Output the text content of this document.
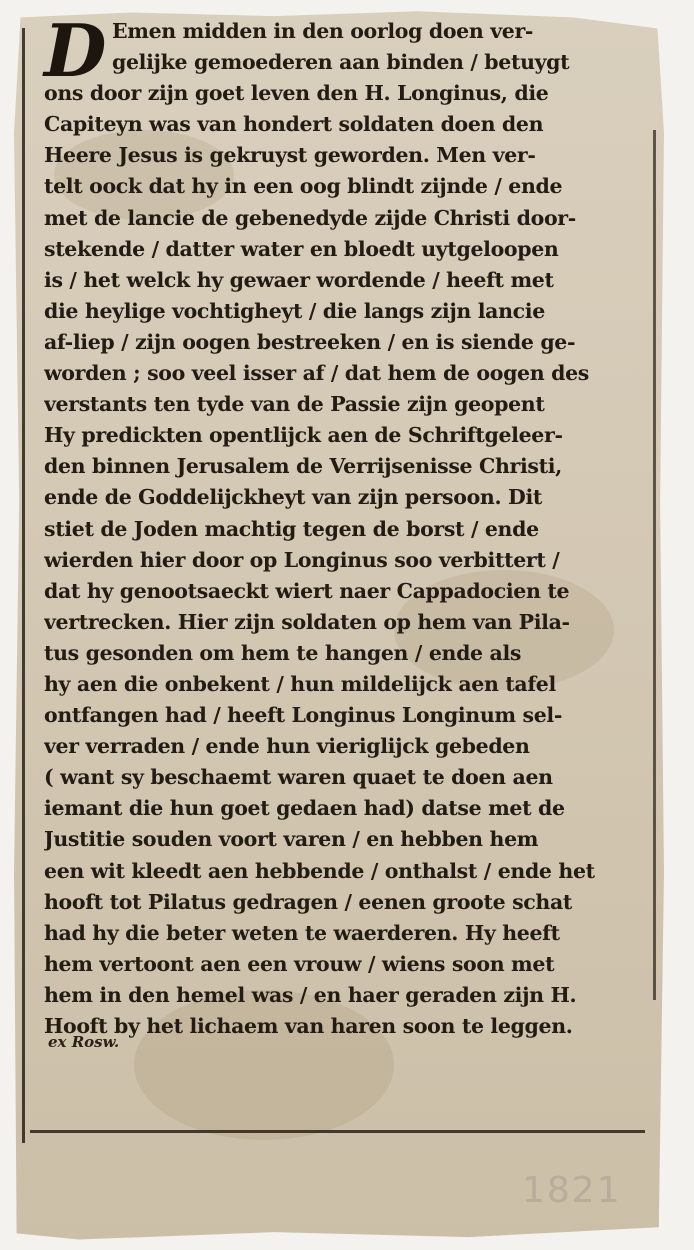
D Emen midden in den oorlog doen ver-
gelijke gemoederen aan binden / betuygt
ons door zijn goet leven den H. Longinus, die
Capiteyn was van hondert soldaten doen den
Heere Jesus is gekruyst geworden. Men ver-
telt oock dat hy in een oog blindt zijnde / ende
met de lancie de gebenedyde zijde Christi door-
stekende / datter water en bloedt uytgeloopen
is / het welck hy gewaer wordende / heeft met
die heylige vochtigheyt / die langs zijn lancie
af-liep / zijn oogen bestreeken / en is siende ge-
worden ; soo veel isser af / dat hem de oogen des
verstants ten tyde van de Passie zijn geopent
Hy predickten opentlijck aen de Schriftgeleer-
den binnen Jerusalem de Verrijsenisse Christi,
ende de Goddelijckheyt van zijn persoon. Dit
stiet de Joden machtig tegen de borst / ende
wierden hier door op Longinus soo verbittert /
dat hy genootsaeckt wiert naer Cappadocien te
vertrecken. Hier zijn soldaten op hem van Pila-
tus gesonden om hem te hangen / ende als
hy aen die onbekent / hun mildelijck aen tafel
ontfangen had / heeft Longinus Longinum sel-
ver verraden / ende hun vieriglijck gebeden
( want sy beschaemt waren quaet te doen aen
iemant die hun goet gedaen had) datse met de
Justitie souden voort varen / en hebben hem
een wit kleedt aen hebbende / onthalst / ende het
hooft tot Pilatus gedragen / eenen groote schat
had hy die beter weten te waerderen. Hy heeft
hem vertoont aen een vrouw / wiens soon met
hem in den hemel was / en haer geraden zijn H.
Hooft by het lichaem van haren soon te leggen.
ex Rosw.
1821
